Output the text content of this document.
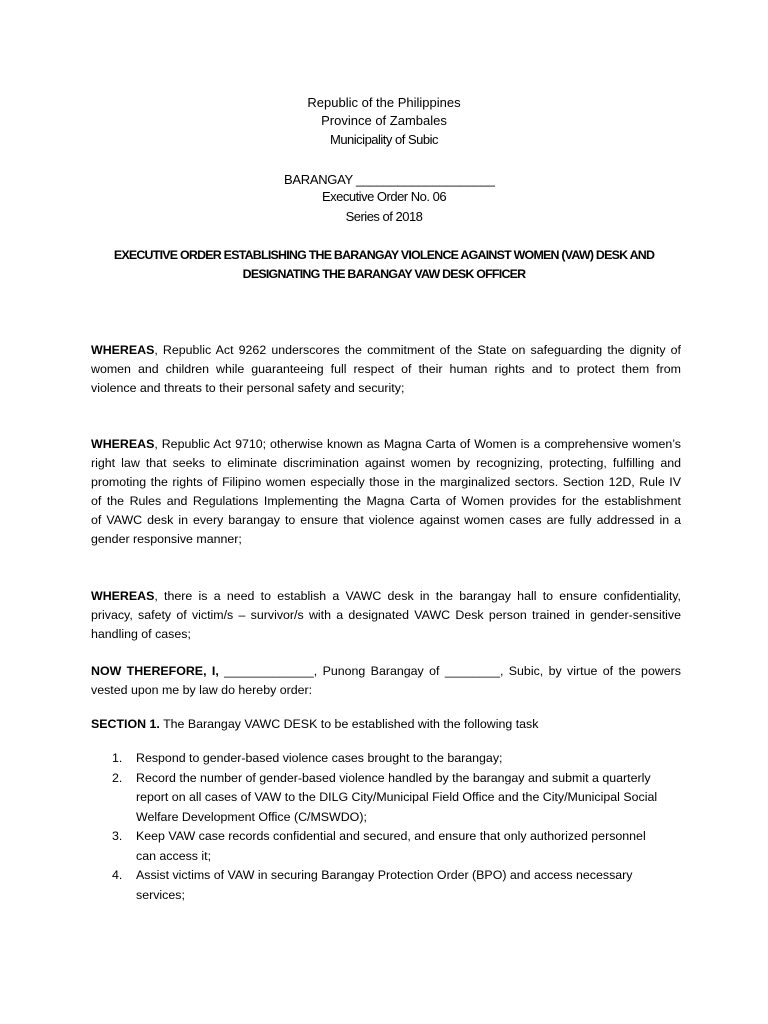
Republic of the Philippines
Province of Zambales
Municipality of Subic
BARANGAY ____________________
Executive Order No. 06
Series of 2018
EXECUTIVE ORDER ESTABLISHING THE BARANGAY VIOLENCE AGAINST WOMEN (VAW) DESK AND
DESIGNATING THE BARANGAY VAW DESK OFFICER
WHEREAS, Republic Act 9262 underscores the commitment of the State on safeguarding the dignity of
women and children while guaranteeing full respect of their human rights and to protect them from
violence and threats to their personal safety and security;
WHEREAS, Republic Act 9710; otherwise known as Magna Carta of Women is a comprehensive women’s
right law that seeks to eliminate discrimination against women by recognizing, protecting, fulfilling and
promoting the rights of Filipino women especially those in the marginalized sectors. Section 12D, Rule IV
of the Rules and Regulations Implementing the Magna Carta of Women provides for the establishment
of VAWC desk in every barangay to ensure that violence against women cases are fully addressed in a
gender responsive manner;
WHEREAS, there is a need to establish a VAWC desk in the barangay hall to ensure confidentiality,
privacy, safety of victim/s – survivor/s with a designated VAWC Desk person trained in gender-sensitive
handling of cases;
NOW THEREFORE, I, _____________, Punong Barangay of ________, Subic, by virtue of the powers
vested upon me by law do hereby order:
SECTION 1. The Barangay VAWC DESK to be established with the following task
1.	Respond to gender-based violence cases brought to the barangay;
2.	Record the number of gender-based violence handled by the barangay and submit a quarterly
report on all cases of VAW to the DILG City/Municipal Field Office and the City/Municipal Social
Welfare Development Office (C/MSWDO);
3.	Keep VAW case records confidential and secured, and ensure that only authorized personnel
can access it;
4.	Assist victims of VAW in securing Barangay Protection Order (BPO) and access necessary
services;
